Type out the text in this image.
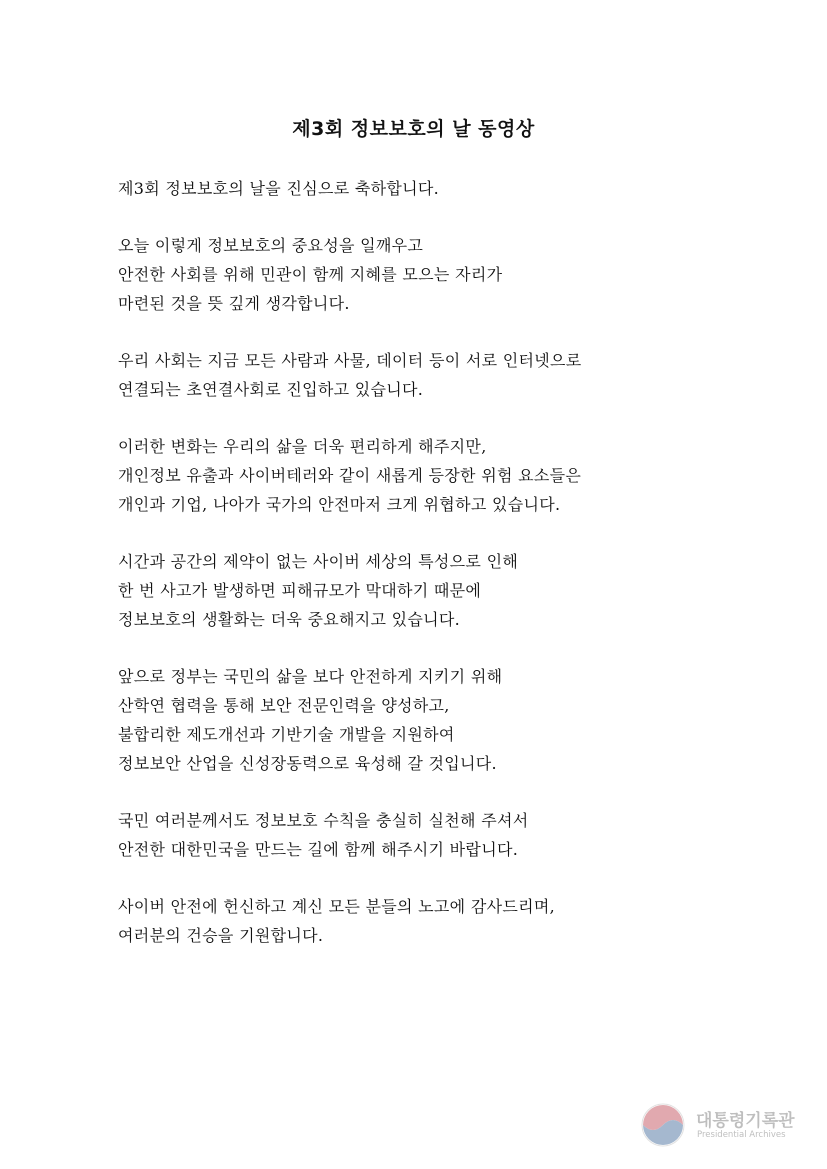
제3회 정보보호의 날 동영상

제3회 정보보호의 날을 진심으로 축하합니다.

오늘 이렇게 정보보호의 중요성을 일깨우고
안전한 사회를 위해 민관이 함께 지혜를 모으는 자리가
마련된 것을 뜻 깊게 생각합니다.

우리 사회는 지금 모든 사람과 사물, 데이터 등이 서로 인터넷으로
연결되는 초연결사회로 진입하고 있습니다.

이러한 변화는 우리의 삶을 더욱 편리하게 해주지만,
개인정보 유출과 사이버테러와 같이 새롭게 등장한 위험 요소들은
개인과 기업, 나아가 국가의 안전마저 크게 위협하고 있습니다.

시간과 공간의 제약이 없는 사이버 세상의 특성으로 인해
한 번 사고가 발생하면 피해규모가 막대하기 때문에
정보보호의 생활화는 더욱 중요해지고 있습니다.

앞으로 정부는 국민의 삶을 보다 안전하게 지키기 위해
산학연 협력을 통해 보안 전문인력을 양성하고,
불합리한 제도개선과 기반기술 개발을 지원하여
정보보안 산업을 신성장동력으로 육성해 갈 것입니다.

국민 여러분께서도 정보보호 수칙을 충실히 실천해 주셔서
안전한 대한민국을 만드는 길에 함께 해주시기 바랍니다.

사이버 안전에 헌신하고 계신 모든 분들의 노고에 감사드리며,
여러분의 건승을 기원합니다.

대통령기록관
Presidential Archives
